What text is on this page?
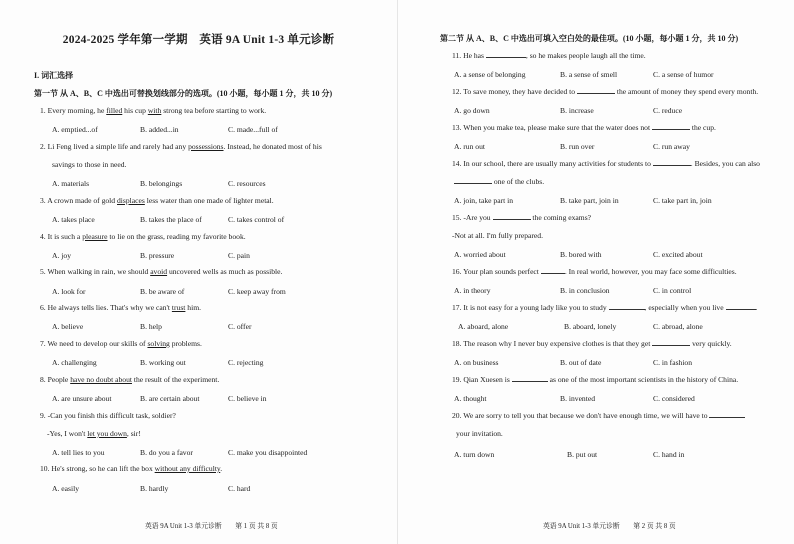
2024-2025 学年第一学期　英语 9A Unit 1-3 单元诊断
I. 词汇选择
第一节 从 A、B、C 中选出可替换划线部分的选项。(10 小题，每小题 1 分，共 10 分)
1. Every morning, he filled his cup with strong tea before starting to work.
A. emptied...of	B. added...in	C. made...full of
2. Li Feng lived a simple life and rarely had any possessions. Instead, he donated most of his
savings to those in need.
A. materials	B. belongings	C. resources
3. A crown made of gold displaces less water than one made of lighter metal.
A. takes place	B. takes the place of	C. takes control of
4. It is such a pleasure to lie on the grass, reading my favorite book.
A. joy	B. pressure	C. pain
5. When walking in rain, we should avoid uncovered wells as much as possible.
A. look for	B. be aware of	C. keep away from
6. He always tells lies. That's why we can't trust him.
A. believe	B. help	C. offer
7. We need to develop our skills of solving problems.
A. challenging	B. working out	C. rejecting
8. People have no doubt about the result of the experiment.
A. are unsure about	B. are certain about	C. believe in
9. -Can you finish this difficult task, soldier?
-Yes, I won't let you down, sir!
A. tell lies to you	B. do you a favor	C. make you disappointed
10. He's strong, so he can lift the box without any difficulty.
A. easily	B. hardly	C. hard
英语 9A Unit 1-3 单元诊断　　第 1 页 共 8 页
第二节 从 A、B、C 中选出可填入空白处的最佳项。(10 小题，每小题 1 分，共 10 分)
11. He has	, so he makes people laugh all the time.
A. a sense of belonging	B. a sense of smell	C. a sense of humor
12. To save money, they have decided to	the amount of money they spend every month.
A. go down	B. increase	C. reduce
13. When you make tea, please make sure that the water does not	the cup.
A. run out	B. run over	C. run away
14. In our school, there are usually many activities for students to	. Besides, you can also
one of the clubs.
A. join, take part in	B. take part, join in	C. take part in, join
15. -Are you	the coming exams?
-Not at all. I'm fully prepared.
A. worried about	B. bored with	C. excited about
16. Your plan sounds perfect	. In real world, however, you may face some difficulties.
A. in theory	B. in conclusion	C. in control
17. It is not easy for a young lady like you to study	, especially when you live	.
A. aboard, alone	B. aboard, lonely	C. abroad, alone
18. The reason why I never buy expensive clothes is that they get	very quickly.
A. on business	B. out of date	C. in fashion
19. Qian Xuesen is	as one of the most important scientists in the history of China.
A. thought	B. invented	C. considered
20. We are sorry to tell you that because we don't have enough time, we will have to
your invitation.
A. turn down	B. put out	C. hand in
英语 9A Unit 1-3 单元诊断　　第 2 页 共 8 页
